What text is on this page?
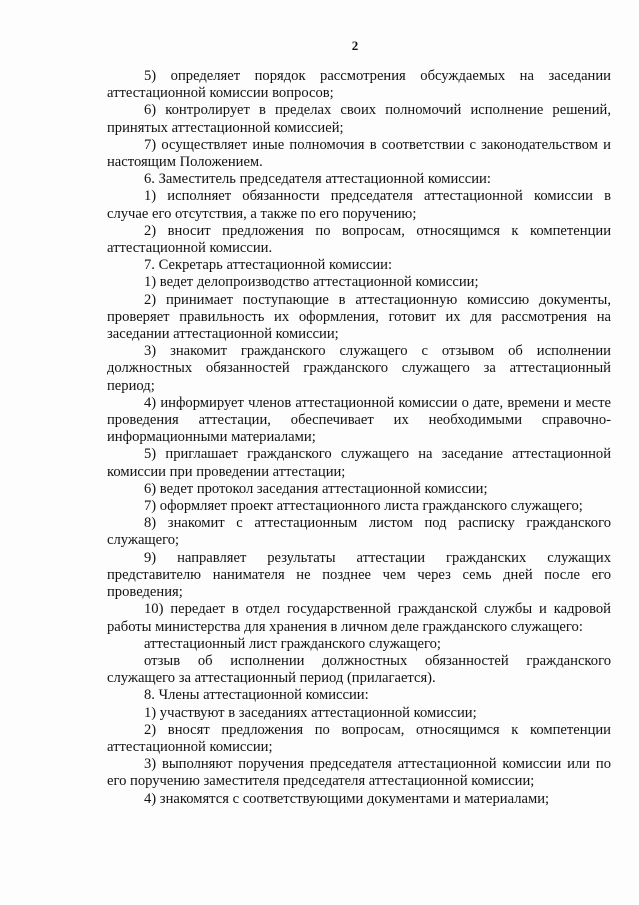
2

5) определяет порядок рассмотрения обсуждаемых на заседании аттестационной комиссии вопросов;

6) контролирует в пределах своих полномочий исполнение решений, принятых аттестационной комиссией;

7) осуществляет иные полномочия в соответствии с законодательством и настоящим Положением.

6. Заместитель председателя аттестационной комиссии:

1) исполняет обязанности председателя аттестационной комиссии в случае его отсутствия, а также по его поручению;

2) вносит предложения по вопросам, относящимся к компетенции аттестационной комиссии.

7. Секретарь аттестационной комиссии:

1) ведет делопроизводство аттестационной комиссии;

2) принимает поступающие в аттестационную комиссию документы, проверяет правильность их оформления, готовит их для рассмотрения на заседании аттестационной комиссии;

3) знакомит гражданского служащего с отзывом об исполнении должностных обязанностей гражданского служащего за аттестационный период;

4) информирует членов аттестационной комиссии о дате, времени и месте проведения аттестации, обеспечивает их необходимыми справочно-информационными материалами;

5) приглашает гражданского служащего на заседание аттестационной комиссии при проведении аттестации;

6) ведет протокол заседания аттестационной комиссии;

7) оформляет проект аттестационного листа гражданского служащего;

8) знакомит с аттестационным листом под расписку гражданского служащего;

9) направляет результаты аттестации гражданских служащих представителю нанимателя не позднее чем через семь дней после его проведения;

10) передает в отдел государственной гражданской службы и кадровой работы министерства для хранения в личном деле гражданского служащего:

аттестационный лист гражданского служащего;

отзыв об исполнении должностных обязанностей гражданского служащего за аттестационный период (прилагается).

8. Члены аттестационной комиссии:

1) участвуют в заседаниях аттестационной комиссии;

2) вносят предложения по вопросам, относящимся к компетенции аттестационной комиссии;

3) выполняют поручения председателя аттестационной комиссии или по его поручению заместителя председателя аттестационной комиссии;

4) знакомятся с соответствующими документами и материалами;
